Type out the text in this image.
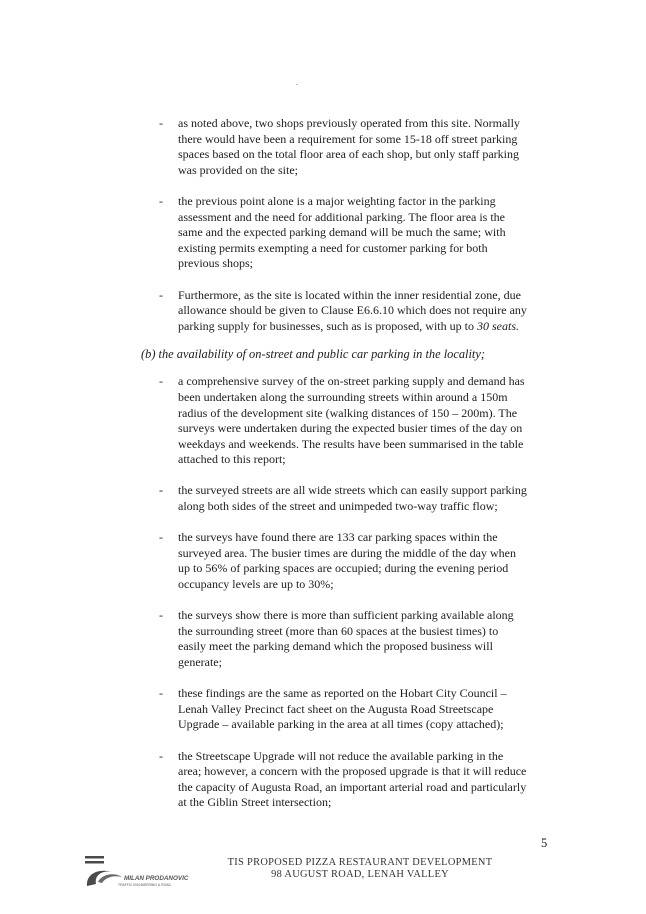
- as noted above, two shops previously operated from this site. Normally
there would have been a requirement for some 15-18 off street parking
spaces based on the total floor area of each shop, but only staff parking
was provided on the site;
- the previous point alone is a major weighting factor in the parking
assessment and the need for additional parking. The floor area is the
same and the expected parking demand will be much the same; with
existing permits exempting a need for customer parking for both
previous shops;
- Furthermore, as the site is located within the inner residential zone, due
allowance should be given to Clause E6.6.10 which does not require any
parking supply for businesses, such as is proposed, with up to 30 seats.
(b) the availability of on-street and public car parking in the locality;
- a comprehensive survey of the on-street parking supply and demand has
been undertaken along the surrounding streets within around a 150m
radius of the development site (walking distances of 150 – 200m). The
surveys were undertaken during the expected busier times of the day on
weekdays and weekends. The results have been summarised in the table
attached to this report;
- the surveyed streets are all wide streets which can easily support parking
along both sides of the street and unimpeded two-way traffic flow;
- the surveys have found there are 133 car parking spaces within the
surveyed area. The busier times are during the middle of the day when
up to 56% of parking spaces are occupied; during the evening period
occupancy levels are up to 30%;
- the surveys show there is more than sufficient parking available along
the surrounding street (more than 60 spaces at the busiest times) to
easily meet the parking demand which the proposed business will
generate;
- these findings are the same as reported on the Hobart City Council –
Lenah Valley Precinct fact sheet on the Augusta Road Streetscape
Upgrade – available parking in the area at all times (copy attached);
- the Streetscape Upgrade will not reduce the available parking in the
area; however, a concern with the proposed upgrade is that it will reduce
the capacity of Augusta Road, an important arterial road and particularly
at the Giblin Street intersection;
5
MILAN PRODANOVIC
TRAFFIC ENGINEERING & ROAD
TIS PROPOSED PIZZA RESTAURANT DEVELOPMENT
98 AUGUST ROAD, LENAH VALLEY
